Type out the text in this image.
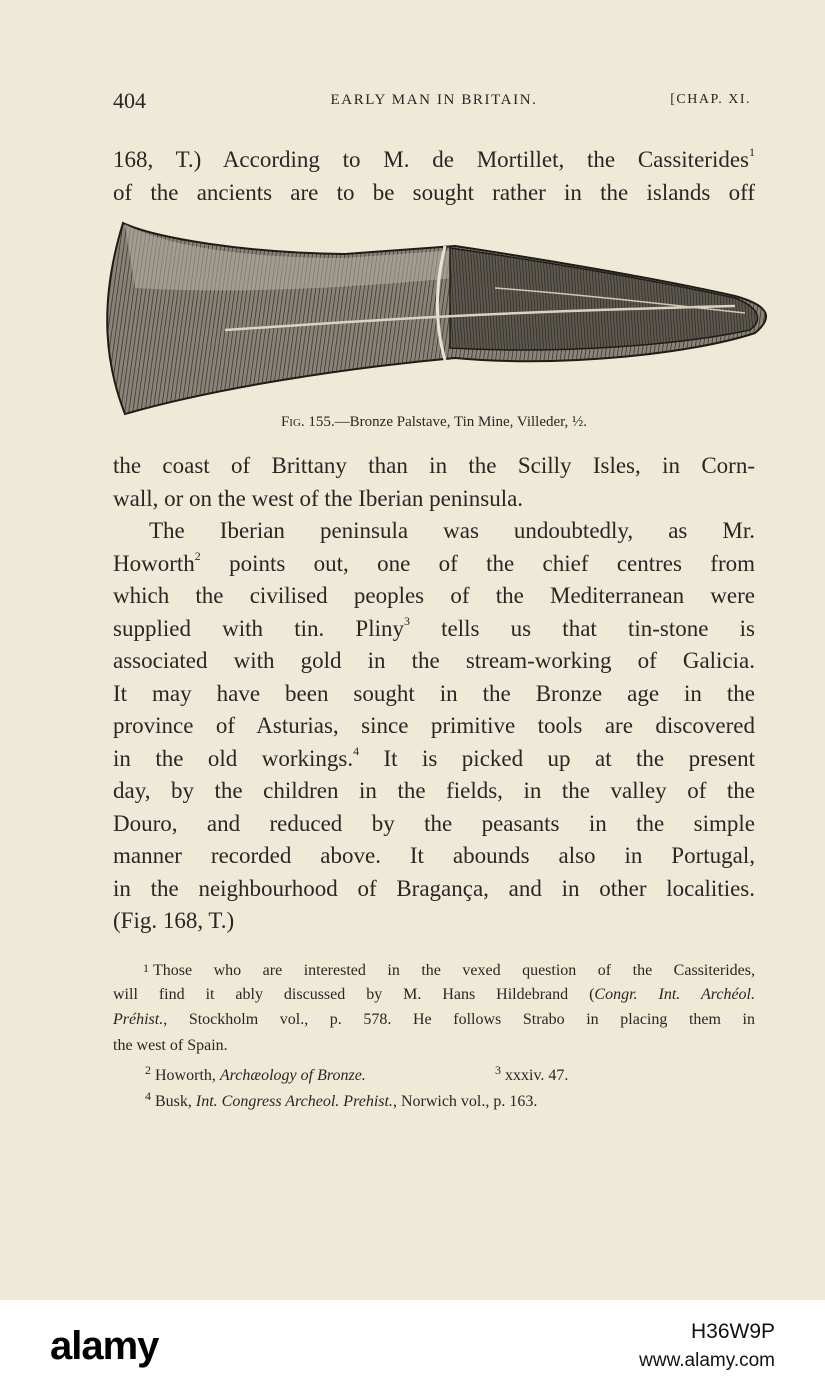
404	EARLY MAN IN BRITAIN.	[CHAP. XI.
168, T.) According to M. de Mortillet, the Cassiterides$^1$
of the ancients are to be sought rather in the islands off
Fig. 155.—Bronze Palstave, Tin Mine, Villeder, ½.
the coast of Brittany than in the Scilly Isles, in Corn-
wall, or on the west of the Iberian peninsula.
The Iberian peninsula was undoubtedly, as Mr.
Howorth$^2$ points out, one of the chief centres from
which the civilised peoples of the Mediterranean were
supplied with tin. Pliny$^3$ tells us that tin-stone is
associated with gold in the stream-working of Galicia.
It may have been sought in the Bronze age in the
province of Asturias, since primitive tools are discovered
in the old workings.$^4$ It is picked up at the present
day, by the children in the fields, in the valley of the
Douro, and reduced by the peasants in the simple
manner recorded above. It abounds also in Portugal,
in the neighbourhood of Bragança, and in other localities.
(Fig. 168, T.)
1 Those who are interested in the vexed question of the Cassiterides,
will find it ably discussed by M. Hans Hildebrand (Congr. Int. Archéol.
Préhist., Stockholm vol., p. 578. He follows Strabo in placing them in
the west of Spain.
$^2$ Howorth, Archæology of Bronze.	$^3$ xxxiv. 47.
$^4$ Busk, Int. Congress Archeol. Prehist., Norwich vol., p. 163.
alamy	H36W9P
www.alamy.com
